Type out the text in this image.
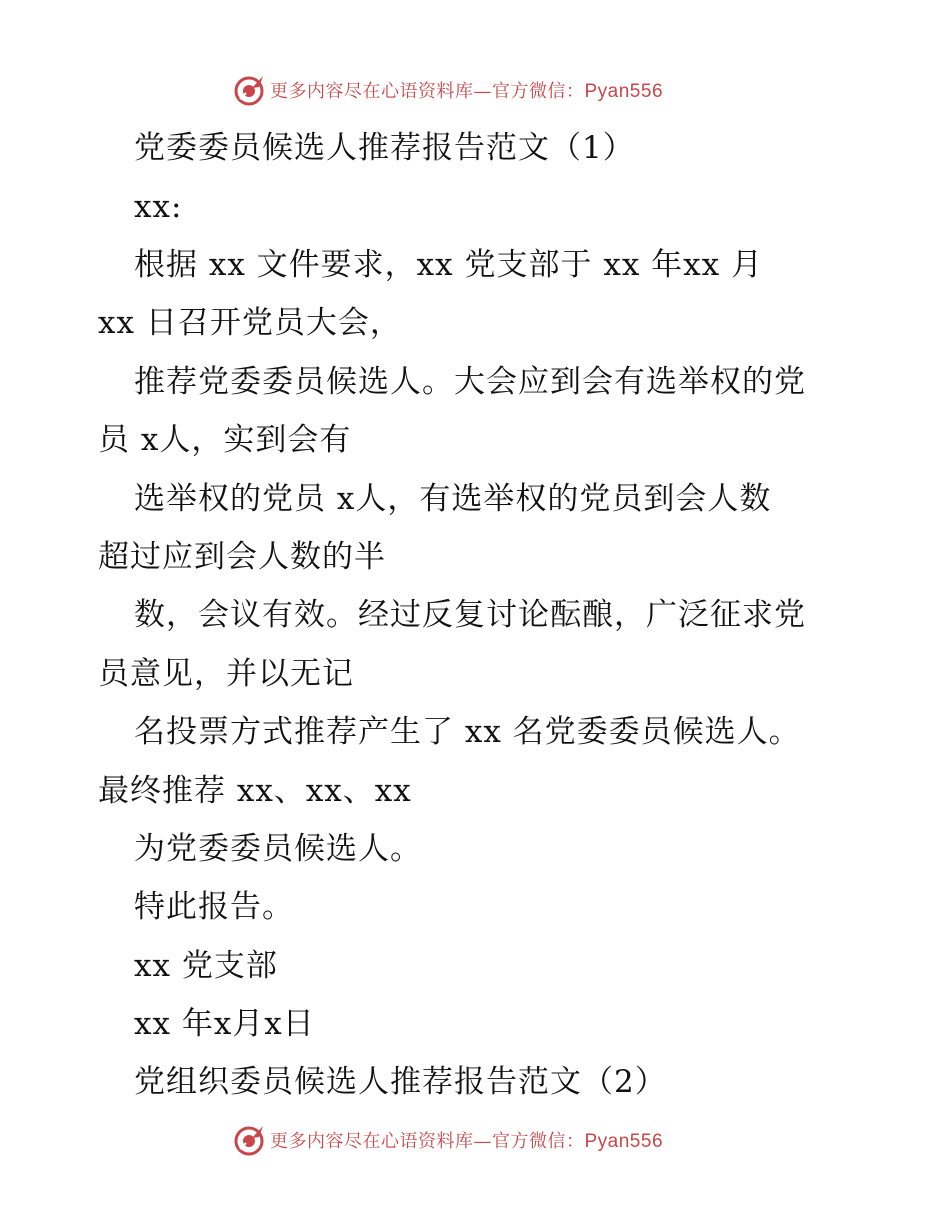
更多内容尽在心语资料库—官方微信：Pyan556

党委委员候选人推荐报告范文（1）

xx:

根据 xx 文件要求，xx 党支部于 xx 年xx 月

xx 日召开党员大会，

推荐党委委员候选人。大会应到会有选举权的党

员 x人，实到会有

选举权的党员 x人，有选举权的党员到会人数

超过应到会人数的半

数，会议有效。经过反复讨论酝酿，广泛征求党

员意见，并以无记

名投票方式推荐产生了 xx 名党委委员候选人。

最终推荐 xx、xx、xx

为党委委员候选人。

特此报告。

xx 党支部

xx 年x月x日

党组织委员候选人推荐报告范文（2）

更多内容尽在心语资料库—官方微信：Pyan556
